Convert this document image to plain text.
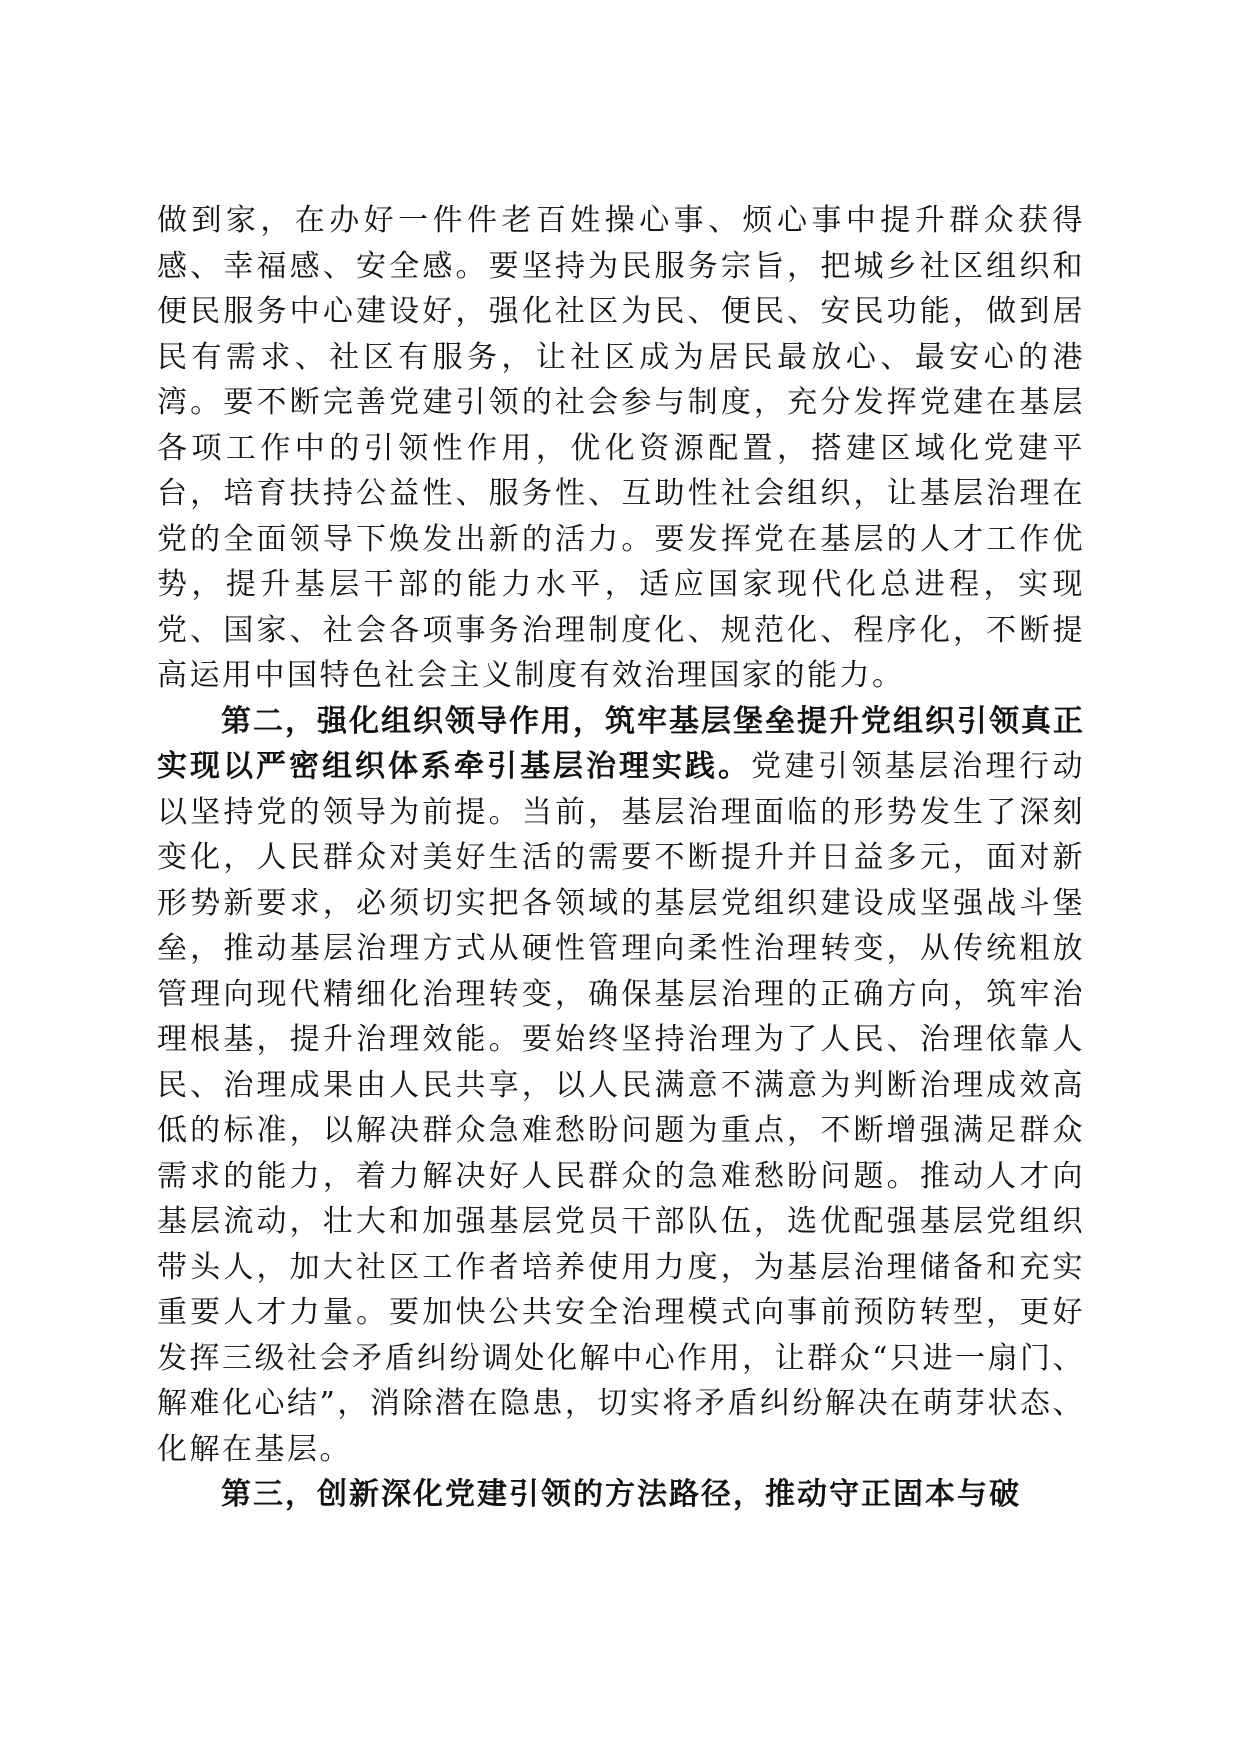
做到家，在办好一件件老百姓操心事、烦心事中提升群众获得感、幸福感、安全感。要坚持为民服务宗旨，把城乡社区组织和便民服务中心建设好，强化社区为民、便民、安民功能，做到居民有需求、社区有服务，让社区成为居民最放心、最安心的港湾。要不断完善党建引领的社会参与制度，充分发挥党建在基层各项工作中的引领性作用，优化资源配置，搭建区域化党建平台，培育扶持公益性、服务性、互助性社会组织，让基层治理在党的全面领导下焕发出新的活力。要发挥党在基层的人才工作优势，提升基层干部的能力水平，适应国家现代化总进程，实现党、国家、社会各项事务治理制度化、规范化、程序化，不断提高运用中国特色社会主义制度有效治理国家的能力。

第二，强化组织领导作用，筑牢基层堡垒提升党组织引领真正实现以严密组织体系牵引基层治理实践。党建引领基层治理行动以坚持党的领导为前提。当前，基层治理面临的形势发生了深刻变化，人民群众对美好生活的需要不断提升并日益多元，面对新形势新要求，必须切实把各领域的基层党组织建设成坚强战斗堡垒，推动基层治理方式从硬性管理向柔性治理转变，从传统粗放管理向现代精细化治理转变，确保基层治理的正确方向，筑牢治理根基，提升治理效能。要始终坚持治理为了人民、治理依靠人民、治理成果由人民共享，以人民满意不满意为判断治理成效高低的标准，以解决群众急难愁盼问题为重点，不断增强满足群众需求的能力，着力解决好人民群众的急难愁盼问题。推动人才向基层流动，壮大和加强基层党员干部队伍，选优配强基层党组织带头人，加大社区工作者培养使用力度，为基层治理储备和充实重要人才力量。要加快公共安全治理模式向事前预防转型，更好发挥三级社会矛盾纠纷调处化解中心作用，让群众“只进一扇门、解难化心结”，消除潜在隐患，切实将矛盾纠纷解决在萌芽状态、化解在基层。

第三，创新深化党建引领的方法路径，推动守正固本与破
